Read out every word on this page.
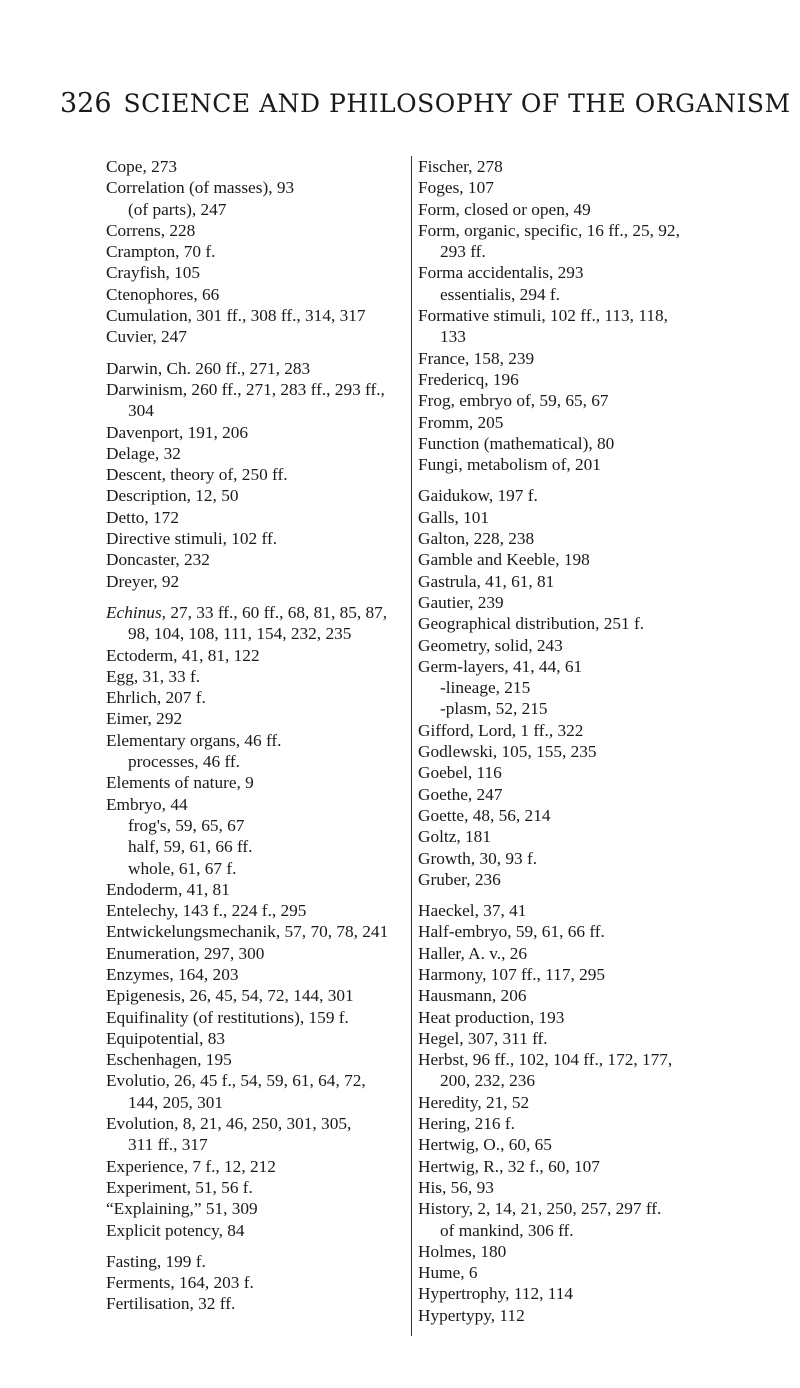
326 SCIENCE AND PHILOSOPHY OF THE ORGANISM
Cope, 273
Correlation (of masses), 93
(of parts), 247
Correns, 228
Crampton, 70 f.
Crayfish, 105
Ctenophores, 66
Cumulation, 301 ff., 308 ff., 314, 317
Cuvier, 247
Darwin, Ch. 260 ff., 271, 283
Darwinism, 260 ff., 271, 283 ff., 293 ff.,
304
Davenport, 191, 206
Delage, 32
Descent, theory of, 250 ff.
Description, 12, 50
Detto, 172
Directive stimuli, 102 ff.
Doncaster, 232
Dreyer, 92
Echinus, 27, 33 ff., 60 ff., 68, 81, 85, 87,
98, 104, 108, 111, 154, 232, 235
Ectoderm, 41, 81, 122
Egg, 31, 33 f.
Ehrlich, 207 f.
Eimer, 292
Elementary organs, 46 ff.
processes, 46 ff.
Elements of nature, 9
Embryo, 44
frog's, 59, 65, 67
half, 59, 61, 66 ff.
whole, 61, 67 f.
Endoderm, 41, 81
Entelechy, 143 f., 224 f., 295
Entwickelungsmechanik, 57, 70, 78, 241
Enumeration, 297, 300
Enzymes, 164, 203
Epigenesis, 26, 45, 54, 72, 144, 301
Equifinality (of restitutions), 159 f.
Equipotential, 83
Eschenhagen, 195
Evolutio, 26, 45 f., 54, 59, 61, 64, 72,
144, 205, 301
Evolution, 8, 21, 46, 250, 301, 305,
311 ff., 317
Experience, 7 f., 12, 212
Experiment, 51, 56 f.
“Explaining,” 51, 309
Explicit potency, 84
Fasting, 199 f.
Ferments, 164, 203 f.
Fertilisation, 32 ff.
Fischer, 278
Foges, 107
Form, closed or open, 49
Form, organic, specific, 16 ff., 25, 92,
293 ff.
Forma accidentalis, 293
essentialis, 294 f.
Formative stimuli, 102 ff., 113, 118,
133
France, 158, 239
Fredericq, 196
Frog, embryo of, 59, 65, 67
Fromm, 205
Function (mathematical), 80
Fungi, metabolism of, 201
Gaidukow, 197 f.
Galls, 101
Galton, 228, 238
Gamble and Keeble, 198
Gastrula, 41, 61, 81
Gautier, 239
Geographical distribution, 251 f.
Geometry, solid, 243
Germ-layers, 41, 44, 61
-lineage, 215
-plasm, 52, 215
Gifford, Lord, 1 ff., 322
Godlewski, 105, 155, 235
Goebel, 116
Goethe, 247
Goette, 48, 56, 214
Goltz, 181
Growth, 30, 93 f.
Gruber, 236
Haeckel, 37, 41
Half-embryo, 59, 61, 66 ff.
Haller, A. v., 26
Harmony, 107 ff., 117, 295
Hausmann, 206
Heat production, 193
Hegel, 307, 311 ff.
Herbst, 96 ff., 102, 104 ff., 172, 177,
200, 232, 236
Heredity, 21, 52
Hering, 216 f.
Hertwig, O., 60, 65
Hertwig, R., 32 f., 60, 107
His, 56, 93
History, 2, 14, 21, 250, 257, 297 ff.
of mankind, 306 ff.
Holmes, 180
Hume, 6
Hypertrophy, 112, 114
Hypertypy, 112
